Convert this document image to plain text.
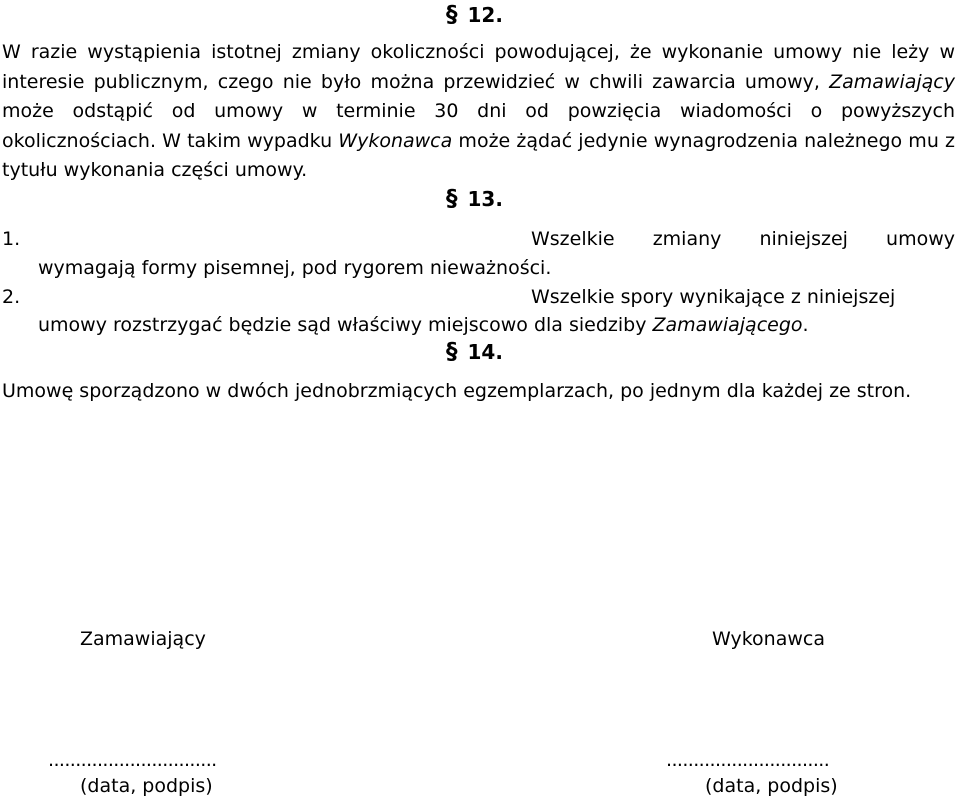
§ 12.
W razie wystąpienia istotnej zmiany okoliczności powodującej, że wykonanie umowy nie leży w interesie publicznym, czego nie było można przewidzieć w chwili zawarcia umowy, Zamawiający może odstąpić od umowy w terminie 30 dni od powzięcia wiadomości o powyższych okolicznościach. W takim wypadku Wykonawca może żądać jedynie wynagrodzenia należnego mu z tytułu wykonania części umowy.
§ 13.
1.	Wszelkie zmiany niniejszej umowy
wymagają formy pisemnej, pod rygorem nieważności.
2.	Wszelkie spory wynikające z niniejszej
umowy rozstrzygać będzie sąd właściwy miejscowo dla siedziby Zamawiającego.
§ 14.
Umowę sporządzono w dwóch jednobrzmiących egzemplarzach, po jednym dla każdej ze stron.
Zamawiający	Wykonawca
...............................	..............................
(data, podpis)	(data, podpis)
